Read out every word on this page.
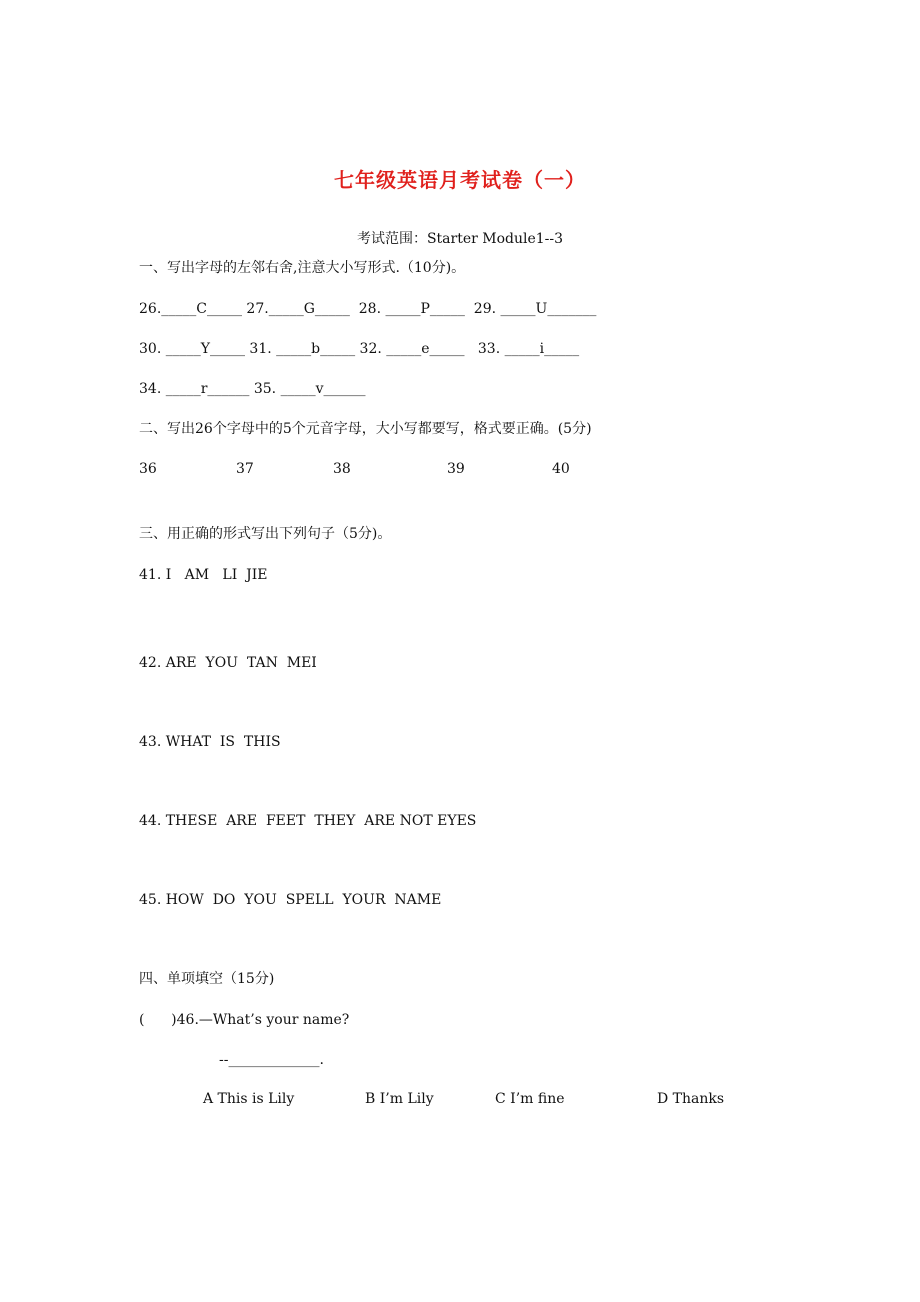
七年级英语月考试卷（一）
考试范围：Starter Module1--3
一、写出字母的左邻右舍,注意大小写形式.（10分)。
26._____C_____ 27._____G_____  28. _____P_____  29. _____U_______
30. _____Y_____ 31. _____b_____ 32. _____e_____   33. _____i_____
34. _____r______ 35. _____v______
二、写出26个字母中的5个元音字母，大小写都要写，格式要正确。(5分)
36	37	38	39	40
三、用正确的形式写出下列句子（5分)。
41. I   AM   LI  JIE
42. ARE  YOU  TAN  MEI
43. WHAT  IS  THIS
44. THESE  ARE  FEET  THEY  ARE NOT EYES
45. HOW  DO  YOU  SPELL  YOUR  NAME
四、单项填空（15分)
(      )46.—What’s your name?
--_____________.
A This is Lily	B I’m Lily	C I’m fine	D Thanks
